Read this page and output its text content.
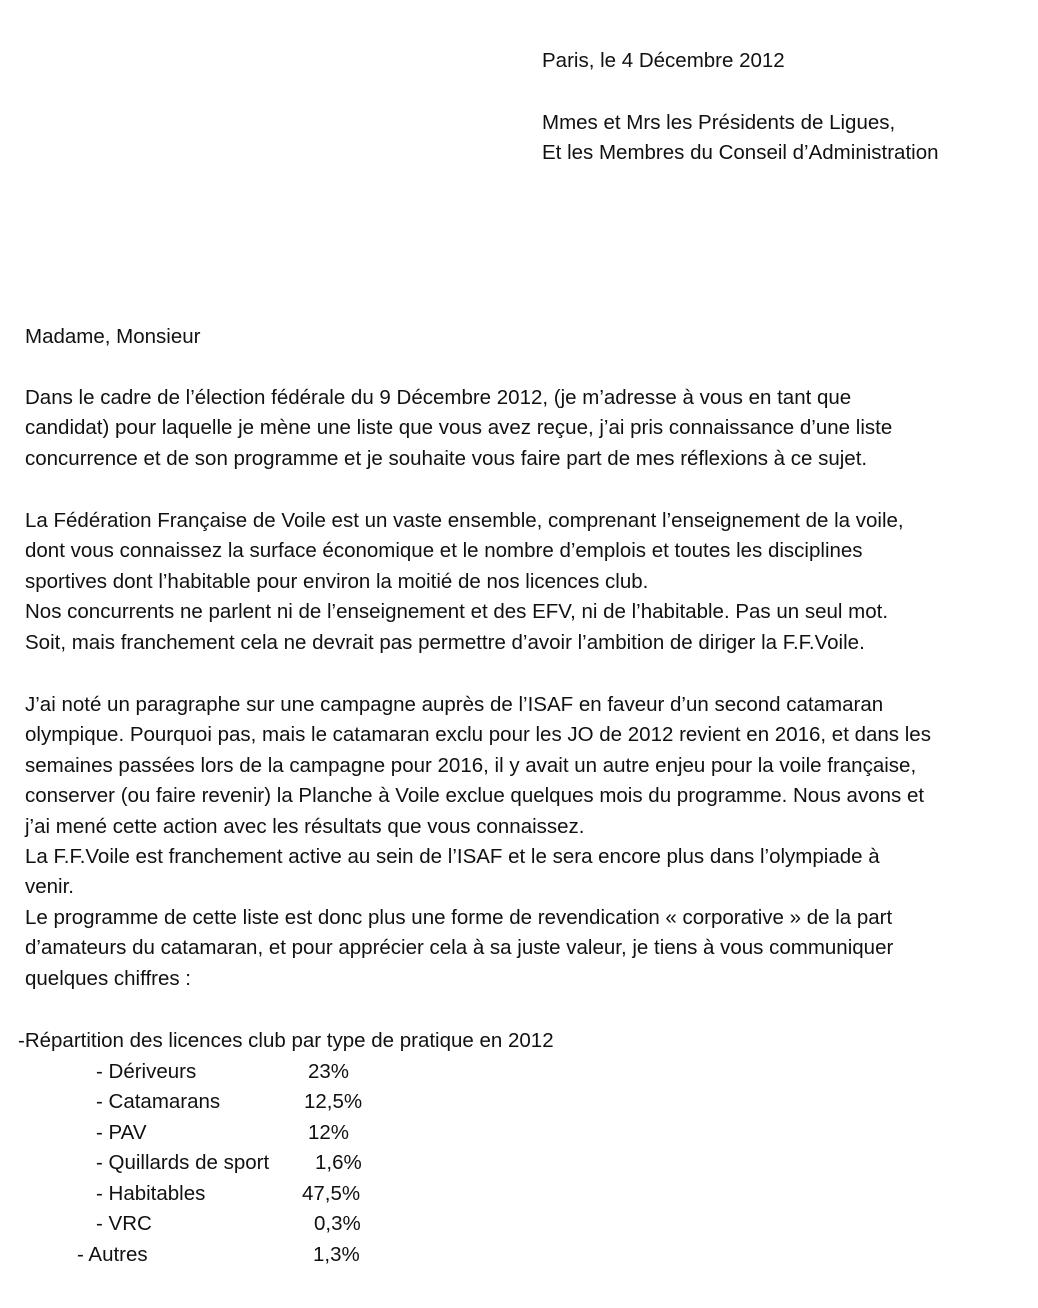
Paris, le 4 Décembre 2012
Mmes et Mrs les Présidents de Ligues,
Et les Membres du Conseil d’Administration
Madame, Monsieur
Dans le cadre de l’élection fédérale du 9 Décembre 2012, (je m’adresse à vous en tant que
candidat) pour laquelle je mène une liste que vous avez reçue, j’ai pris connaissance d’une liste
concurrence et de son programme et je souhaite vous faire part de mes réflexions à ce sujet.
La Fédération Française de Voile est un vaste ensemble, comprenant l’enseignement de la voile,
dont vous connaissez la surface économique et le nombre d’emplois et toutes les disciplines
sportives dont l’habitable pour environ la moitié de nos licences club.
Nos concurrents ne parlent ni de l’enseignement et des EFV, ni de l’habitable. Pas un seul mot.
Soit, mais franchement cela ne devrait pas permettre d’avoir l’ambition de diriger la F.F.Voile.
J’ai noté un paragraphe sur une campagne auprès de l’ISAF en faveur d’un second catamaran
olympique. Pourquoi pas, mais le catamaran exclu pour les JO de 2012 revient en 2016, et dans les
semaines passées lors de la campagne pour 2016, il y avait un autre enjeu pour la voile française,
conserver (ou faire revenir) la Planche à Voile exclue quelques mois du programme. Nous avons et
j’ai mené cette action avec les résultats que vous connaissez.
La F.F.Voile est franchement active au sein de l’ISAF et le sera encore plus dans l’olympiade à
venir.
Le programme de cette liste est donc plus une forme de revendication « corporative » de la part
d’amateurs du catamaran, et pour apprécier cela à sa juste valeur, je tiens à vous communiquer
quelques chiffres :
-Répartition des licences club par type de pratique en 2012
- Dériveurs	23%
- Catamarans	12,5%
- PAV	12%
- Quillards de sport 1,6%
- Habitables	47,5%
- VRC	0,3%
- Autres	1,3%
